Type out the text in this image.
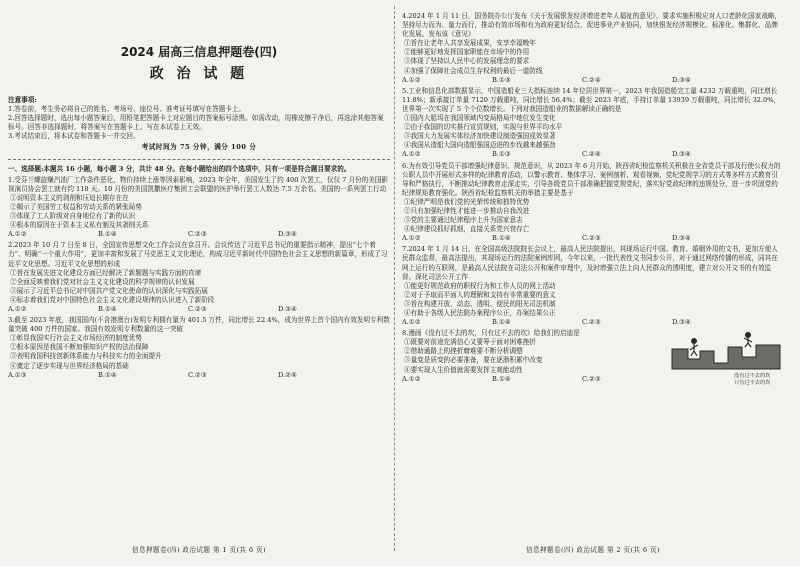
2024 届高三信息押题卷(四)
政 治 试 题
注意事项:
1.答卷前，考生务必将自己的姓名、考场号、座位号、准考证号填写在答题卡上。
2.回答选择题时，选出每小题答案后，用铅笔把答题卡上对应题目的答案标号涂黑。如需改动，用橡皮擦干净后，再选涂其他答案标号。回答非选择题时，将答案写在答题卡上。写在本试卷上无效。
3.考试结束后，将本试卷和答题卡一并交回。
考试时间为 75 分钟，满分 100 分
一、选择题:本题共 16 小题，每小题 3 分，共计 48 分。在每小题给出的四个选项中，只有一项是符合题目要求的。
1.受芬兰螺旋赚汽油厂工作条件恶化，物价持续上涨等因素影响，2023 年全年，美国发生了约 400 次罢工，仅仅 7 月份的美国影视演员协会罢工就有约 118 天。10 月份的美国凯撒医疗集团工会联盟的医护举行罢工人数达 7.5 万余名。美国的一系列罢工行动
①说明资本主义的剥削和压迫长期存在在
②揭示了美国劳工权益和劳动关系的紧张局势
③体现了工人阶级对自身地位有了新的认识
④根本的原因在于资本主义私有制及其剥削关系
A.①②	B.①④	C.②③	D.③④
2.2023 年 10 月 7 日至 8 日，全国宣传思想文化工作会议在京召开。会议传达了习近平总书记的重要指示精神，提出“七个着力”、明确“一个重大作用”，更加丰富和发展了马克思主义文化理论，构成习近平新时代中国特色社会主义思想的新篇章，形成了习近平文化思想。习近平文化思想的形成
①旨在发展先进文化建设方面已经解决了新题题与实践方面的真谛
②全面反映着我们党对社会主义文化建设的科学规律的认识发展
③展示了习近平总书记对中国共产党文化使命的认识深化与实践拓展
④标志着我们党对中国特色社会主义文化建设规律的认识进入了新阶段
A.①②	B.①④	C.②③	D.③④
3.截至 2023 年底，我国国内(不含港澳台)发明专利拥有量为 401.5 万件，同比增长 22.4%，成为世界上首个国内有效发明专利数量突破 400 万件的国家。我国有效发明专利数量的这一突破
①彰显我国实行社会主义市场经济的制度优势
②根本原因是我国不断加强知识产权的法治保障
③表明我国科技创新体系能力与科技实力的全面提升
④奠定了逐步实现与世界经济格局的基础
A.①③	B.①④	C.②③	D.②④
4.2024 年 1 月 11 日，国务院办公厅发布《关于发展银发经济增进老年人福祉的意见》，要求实施积极应对人口老龄化国家战略，坚持尽力而为、量力而行，推动有效市场和有为政府更好结合，促进事业产业协同，加快银发经济规模化、标准化、集群化、品牌化发展。发布该《意见》
①旨在让老年人共享发展成果，安享幸福晚年
②能够更好地发挥国家职能在市场中的作用
③体现了坚持以人民中心的发展理念的要求
④加强了保障社会成员生存权利的最后一道防线
A.①②	B.①③	C.②④	D.③④
5.工业和信息化部数据显示，中国造船业三大指标连续 14 年位居世界第一，2023 年我国造船完工量 4232 万载重吨，同比增长 11.8%；新承接订单量 7120 万载重吨，同比增长 56.4%；截至 2023 年底，手持订单量 13939 万载重吨，同比增长 32.0%，世界第一次实现了 5 个个位数增长。下列对我国造船业的数据解读正确的是
①国内大船坞在我国领域内变局格局中地位发生变化
②由于我国的切实推行宣贸规则，实现与世界平均水平
③我国大力发展实体经济加快建设制造强国成效显著
④我国从造船大国向造船强国迈进的步伐越来越强劲
A.①②	B.①③	C.②④	D.③④
6.为有效引导党员干部增强纪律意识、规范意识，从 2023 年 6 月开始，陕西省纪检监察机关积极在全省党员干部及行使公权力的公职人员中开展形式多样的纪律教育活动，以警示教育、集体学习、案例剖析、观看视频、党纪党规学习的方式等多样方式教育引导和严格执行，不断推动纪律教育走深走实，引导各级党员干部准确把握党规党纪，落实好党政纪律的违规处分，进一步巩固党的纪律规矩教育强化。陕西省纪检监察机关的举措主要是基于
①纪律严明是我们党的光荣传统和独特优势
②只有加强纪律性才能进一步推动自我改进
③党的主要通过纪律程序上升为国家意志
④纪律建设抓好抓细，直接关系党兴衰存亡
A.①②	B.①④	C.②③	D.③④
7.2024 年 1 月 14 日，在全国高级法院院长会议上，最高人民法院提出，其现场运行中国、教育、婚姻外用的文书，更加方便人民群众监督，最高法提出，其现场运行的法院案例库网，今年以来，一批代表性文书同步公开，对于通过网络传播的形成，同其在网上运行的互联网，是最高人民法院在司法公开和案件审理中，及时增强立法上向人民群众的透明度，建立对公开文书的有效监督。深化司法公开工作
①能更好规范政府的职权行为和工作人员的网上活动
②对于予取而平面入的理解和支持有非常重要的意义
③旨在构建开放、动态、透明、便民的阳光司法机制
④有助于各级人民法院办案程序公正，办案结果公正
A.①②	B.①④	C.②③	D.③④
8.漫画《没有过不去的坎，只有过不去的坎》给我们的启迪是
①既要对前途充满信心又要筹于面对困难挫折
②借助通路上的挫折磨难要不断分析调整
③量变是质变的必要准备，要在逐渐积累中改变
④要实现人生价值就需要发挥主观能动性
A.①②	B.①④	C.②③	没有过不去的坎
只有过不去的坎
信息押题卷(四) 政治试题 第 1 页(共 6 页)	信息押题卷(四) 政治试题 第 2 页(共 6 页)
